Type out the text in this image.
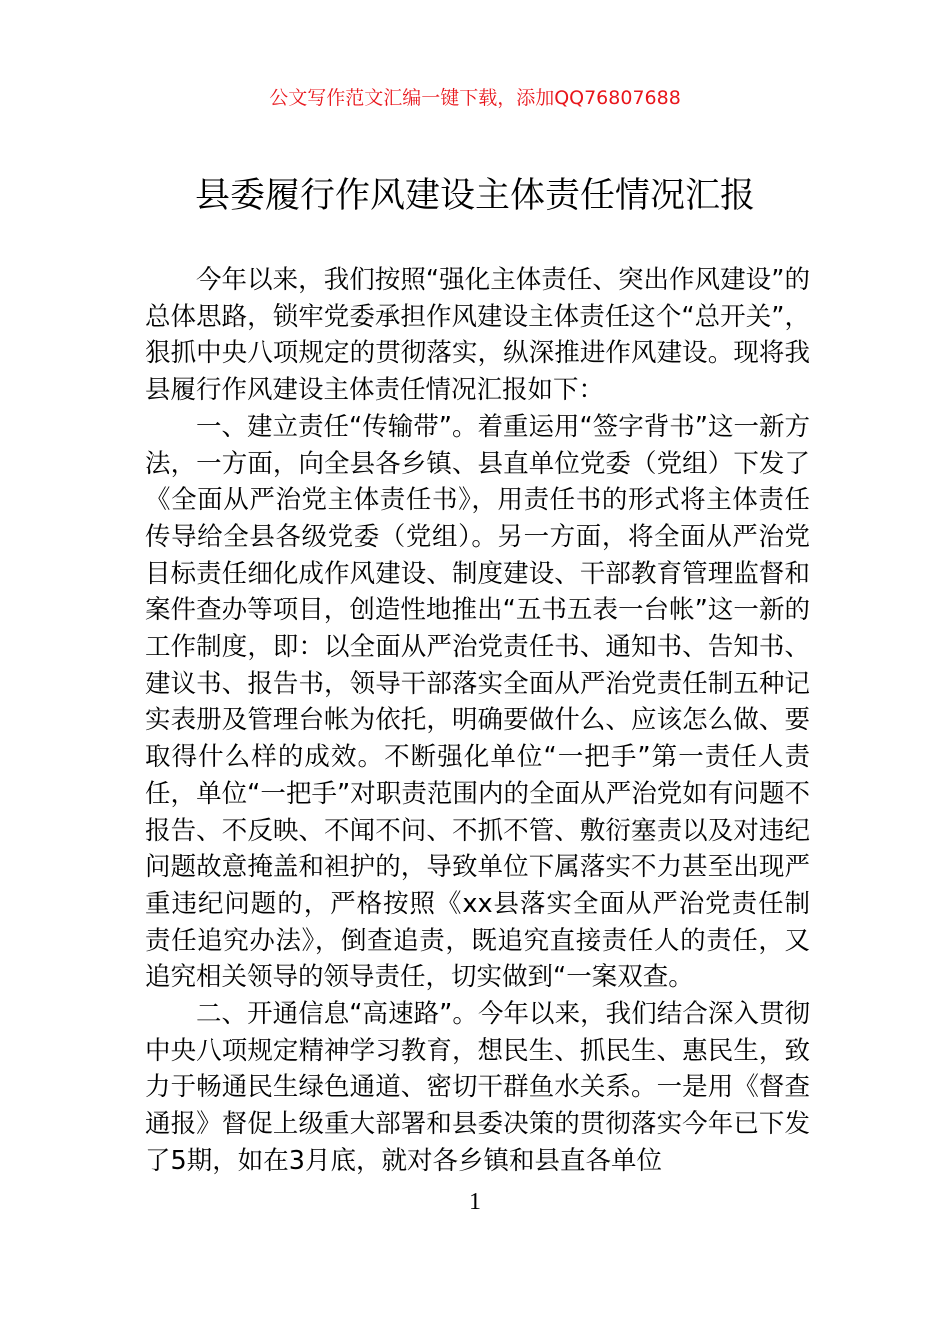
公文写作范文汇编一键下载，添加QQ76807688
县委履行作风建设主体责任情况汇报

今年以来，我们按照“强化主体责任、突出作风建设”的总体思路，锁牢党委承担作风建设主体责任这个“总开关”，狠抓中央八项规定的贯彻落实，纵深推进作风建设。现将我县履行作风建设主体责任情况汇报如下：

一、建立责任“传输带”。着重运用“签字背书”这一新方法，一方面，向全县各乡镇、县直单位党委（党组）下发了《全面从严治党主体责任书》，用责任书的形式将主体责任传导给全县各级党委（党组）。另一方面，将全面从严治党目标责任细化成作风建设、制度建设、干部教育管理监督和案件查办等项目，创造性地推出“五书五表一台帐”这一新的工作制度，即：以全面从严治党责任书、通知书、告知书、建议书、报告书，领导干部落实全面从严治党责任制五种记实表册及管理台帐为依托，明确要做什么、应该怎么做、要取得什么样的成效。不断强化单位“一把手”第一责任人责任，单位“一把手”对职责范围内的全面从严治党如有问题不报告、不反映、不闻不问、不抓不管、敷衍塞责以及对违纪问题故意掩盖和袒护的，导致单位下属落实不力甚至出现严重违纪问题的，严格按照《xx县落实全面从严治党责任制责任追究办法》，倒查追责，既追究直接责任人的责任，又追究相关领导的领导责任，切实做到“一案双查。

二、开通信息“高速路”。今年以来，我们结合深入贯彻中央八项规定精神学习教育，想民生、抓民生、惠民生，致力于畅通民生绿色通道、密切干群鱼水关系。一是用《督查通报》督促上级重大部署和县委决策的贯彻落实今年已下发了5期，如在3月底，就对各乡镇和县直各单位

1
